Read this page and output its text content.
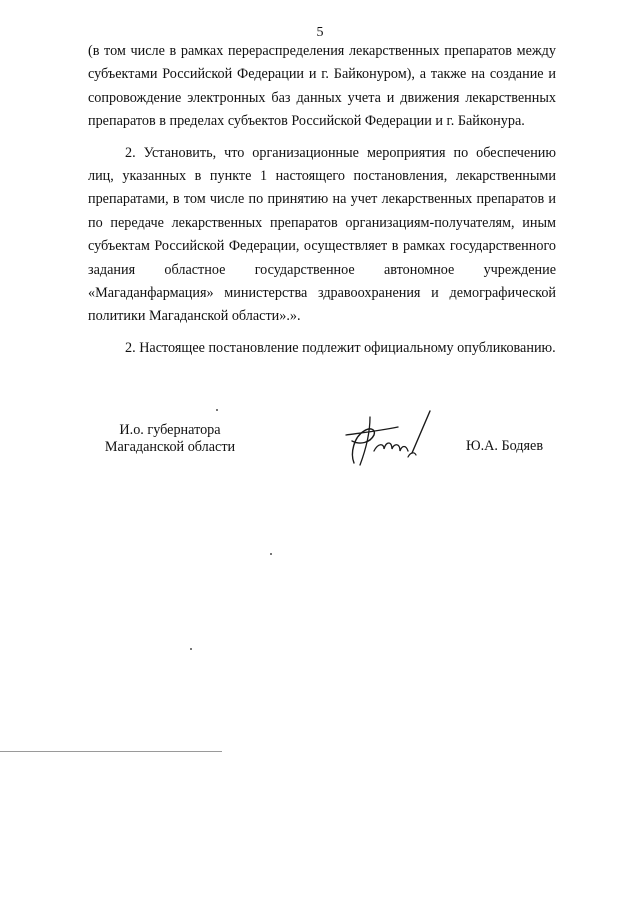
5

(в том числе в рамках перераспределения лекарственных препаратов между субъектами Российской Федерации и г. Байконуром), а также на создание и сопровождение электронных баз данных учета и движения лекарственных препаратов в пределах субъектов Российской Федерации и г. Байконура.

2. Установить, что организационные мероприятия по обеспечению лиц, указанных в пункте 1 настоящего постановления, лекарственными препаратами, в том числе по принятию на учет лекарственных препаратов и по передаче лекарственных препаратов организациям-получателям, иным субъектам Российской Федерации, осуществляет в рамках государственного задания областное государственное автономное учреждение «Магаданфармация» министерства здравоохранения и демографической политики Магаданской области».».

2. Настоящее постановление подлежит официальному опубликованию.

И.о. губернатора
Магаданской области	Ю.А. Бодяев
